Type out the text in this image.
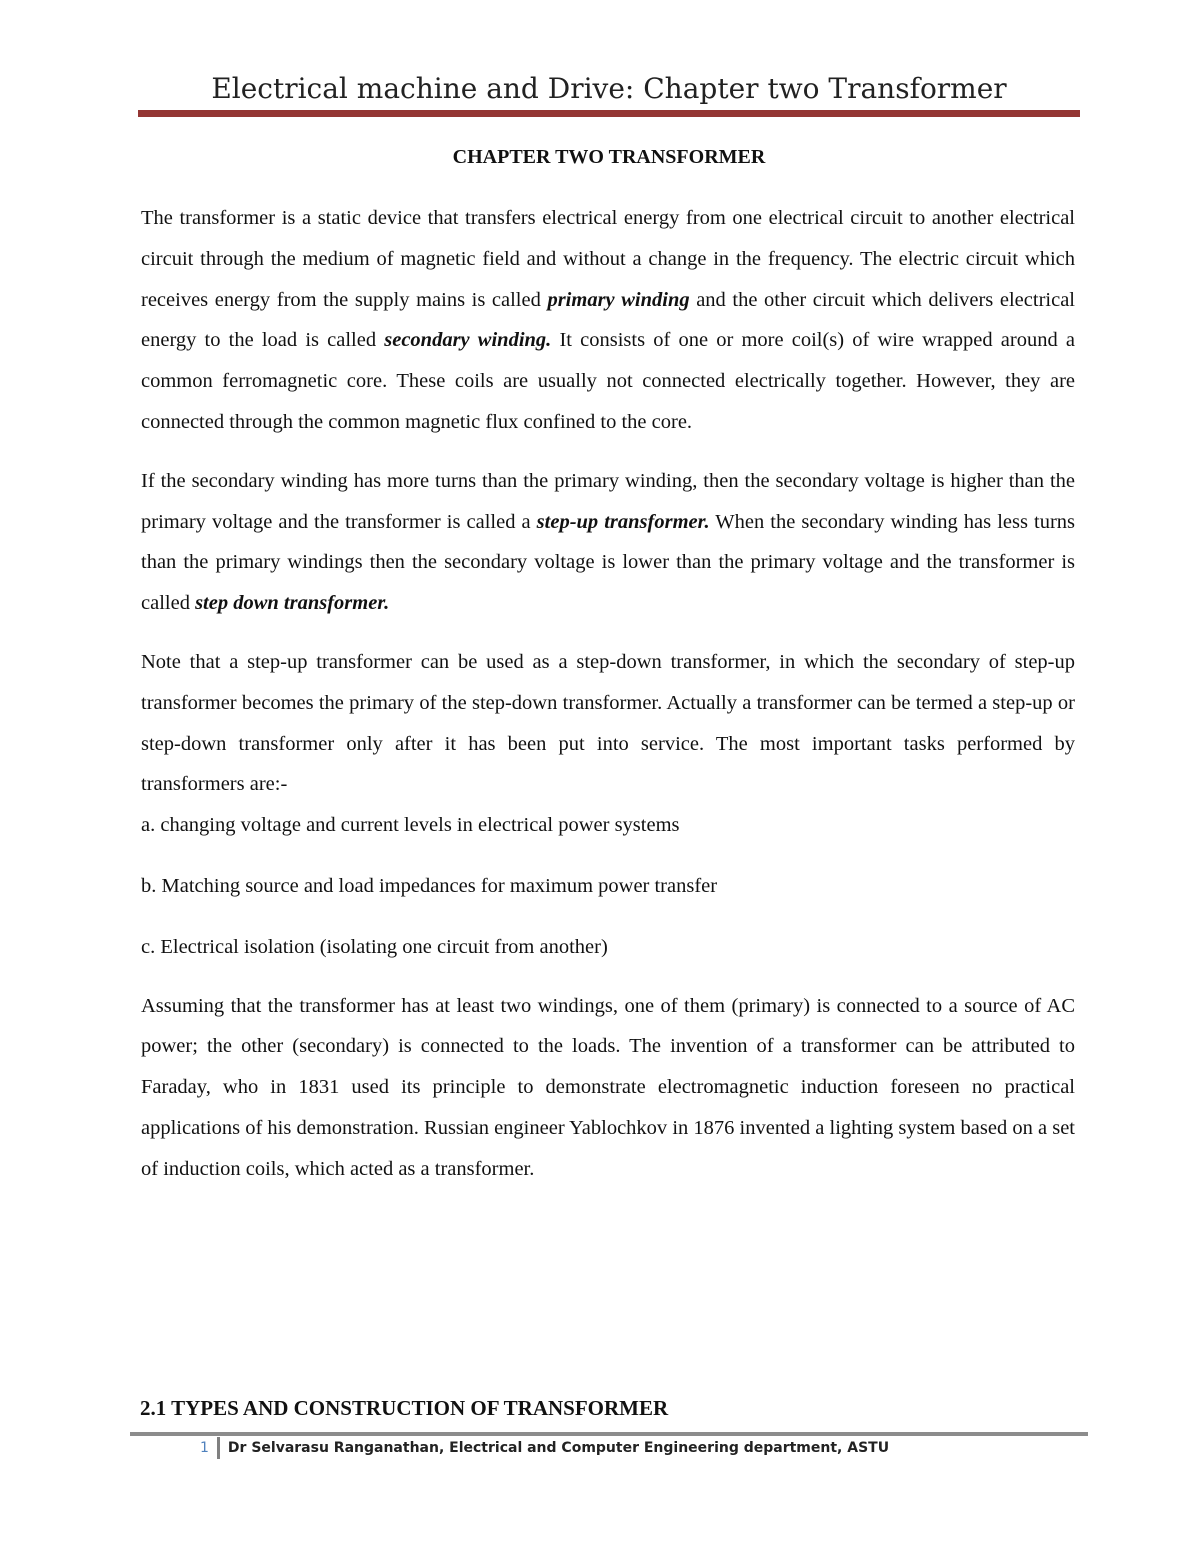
Electrical machine and Drive: Chapter two Transformer
CHAPTER TWO TRANSFORMER

The transformer is a static device that transfers electrical energy from one electrical circuit to another electrical circuit through the medium of magnetic field and without a change in the frequency. The electric circuit which receives energy from the supply mains is called primary winding and the other circuit which delivers electrical energy to the load is called secondary winding. It consists of one or more coil(s) of wire wrapped around a common ferromagnetic core. These coils are usually not connected electrically together. However, they are connected through the common magnetic flux confined to the core.

If the secondary winding has more turns than the primary winding, then the secondary voltage is higher than the primary voltage and the transformer is called a step-up transformer. When the secondary winding has less turns than the primary windings then the secondary voltage is lower than the primary voltage and the transformer is called step down transformer.

Note that a step-up transformer can be used as a step-down transformer, in which the secondary of step-up transformer becomes the primary of the step-down transformer. Actually a transformer can be termed a step-up or step-down transformer only after it has been put into service. The most important tasks performed by transformers are:-

a. changing voltage and current levels in electrical power systems

b. Matching source and load impedances for maximum power transfer

c. Electrical isolation (isolating one circuit from another)

Assuming that the transformer has at least two windings, one of them (primary) is connected to a source of AC power; the other (secondary) is connected to the loads. The invention of a transformer can be attributed to Faraday, who in 1831 used its principle to demonstrate electromagnetic induction foreseen no practical applications of his demonstration. Russian engineer Yablochkov in 1876 invented a lighting system based on a set of induction coils, which acted as a transformer.

2.1 TYPES AND CONSTRUCTION OF TRANSFORMER
1	Dr Selvarasu Ranganathan, Electrical and Computer Engineering department, ASTU
